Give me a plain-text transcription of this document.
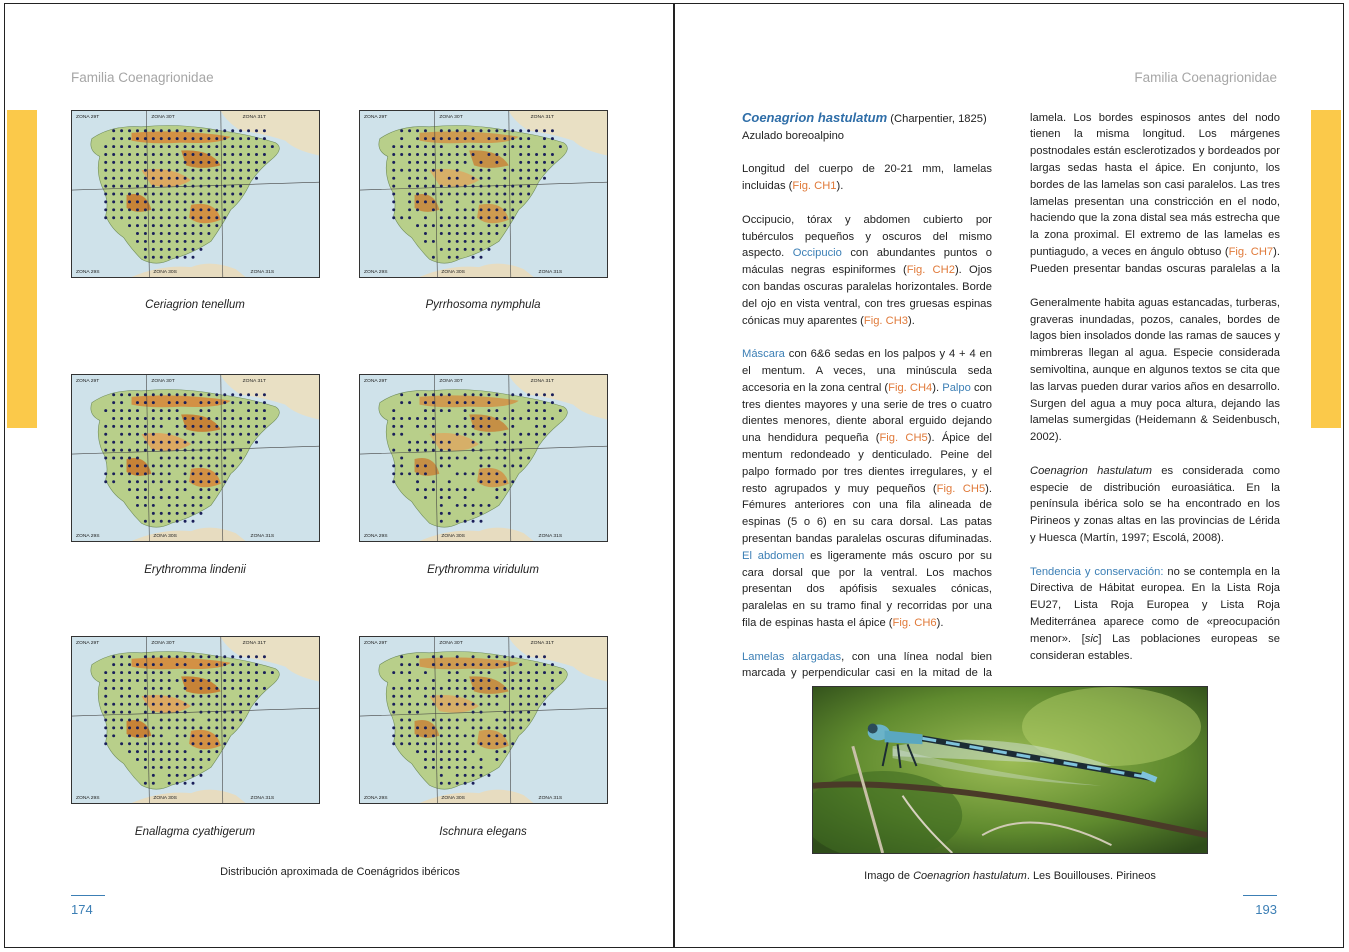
Familia Coenagrionidae
ZONA 29T	ZONA 30T	ZONA 31T
ZONA 29S	ZONA 30S	ZONA 31S
Ceriagrion tenellum
ZONA 29T	ZONA 30T	ZONA 31T
ZONA 29S	ZONA 30S	ZONA 31S
Pyrrhosoma nymphula
ZONA 29T	ZONA 30T	ZONA 31T
ZONA 29S	ZONA 30S	ZONA 31S
Erythromma lindenii
ZONA 29T	ZONA 30T	ZONA 31T
ZONA 29S	ZONA 30S	ZONA 31S
Erythromma viridulum
ZONA 29T	ZONA 30T	ZONA 31T
ZONA 29S	ZONA 30S	ZONA 31S
Enallagma cyathigerum
ZONA 29T	ZONA 30T	ZONA 31T
ZONA 29S	ZONA 30S	ZONA 31S
Ischnura elegans
Distribución aproximada de Coenágridos ibéricos
174
Familia Coenagrionidae

Coenagrion hastulatum (Charpentier, 1825)
Azulado boreoalpino

Longitud del cuerpo de 20-21 mm, lamelas incluidas (Fig. CH1).

Occipucio, tórax y abdomen cubierto por tubérculos pequeños y oscuros del mismo aspecto. Occipucio con abundantes puntos o máculas negras espiniformes (Fig. CH2). Ojos con bandas oscuras paralelas horizontales. Borde del ojo en vista ventral, con tres gruesas espinas cónicas muy aparentes (Fig. CH3).

Máscara con 6&6 sedas en los palpos y 4 + 4 en el mentum. A veces, una minúscula seda accesoria en la zona central (Fig. CH4). Palpo con tres dientes mayores y una serie de tres o cuatro dientes menores, diente aboral erguido dejando una hendidura pequeña (Fig. CH5). Ápice del mentum redondeado y denticulado. Peine del palpo formado por tres dientes irregulares, y el resto agrupados y muy pequeños (Fig. CH5). Fémures anteriores con una fila alineada de espinas (5 o 6) en su cara dorsal. Las patas presentan bandas paralelas oscuras difuminadas. El abdomen es ligeramente más oscuro por su cara dorsal que por la ventral. Los machos presentan dos apófisis sexuales cónicas, paralelas en su tramo final y recorridas por una fila de espinas hasta el ápice (Fig. CH6).

Lamelas alargadas, con una línea nodal bien marcada y perpendicular casi en la mitad de la

lamela. Los bordes espinosos antes del nodo tienen la misma longitud. Los márgenes postnodales están esclerotizados y bordeados por largas sedas hasta el ápice. En conjunto, los bordes de las lamelas son casi paralelos. Las tres lamelas presentan una constricción en el nodo, haciendo que la zona distal sea más estrecha que la zona proximal. El extremo de las lamelas es puntiagudo, a veces en ángulo obtuso (Fig. CH7). Pueden presentar bandas oscuras paralelas a la

Generalmente habita aguas estancadas, turberas, graveras inundadas, pozos, canales, bordes de lagos bien insolados donde las ramas de sauces y mimbreras llegan al agua. Especie considerada semivoltina, aunque en algunos textos se cita que las larvas pueden durar varios años en desarrollo. Surgen del agua a muy poca altura, dejando las lamelas sumergidas (Heidemann & Seidenbusch, 2002).

Coenagrion hastulatum es considerada como especie de distribución euroasiática. En la península ibérica solo se ha encontrado en los Pirineos y zonas altas en las provincias de Lérida y Huesca (Martín, 1997; Escolá, 2008).

Tendencia y conservación: no se contempla en la Directiva de Hábitat europea. En la Lista Roja EU27, Lista Roja Europea y Lista Roja Mediterránea aparece como de «preocupación menor». [sic] Las poblaciones europeas se consideran estables.

Imago de Coenagrion hastulatum. Les Bouillouses. Pirineos
193
